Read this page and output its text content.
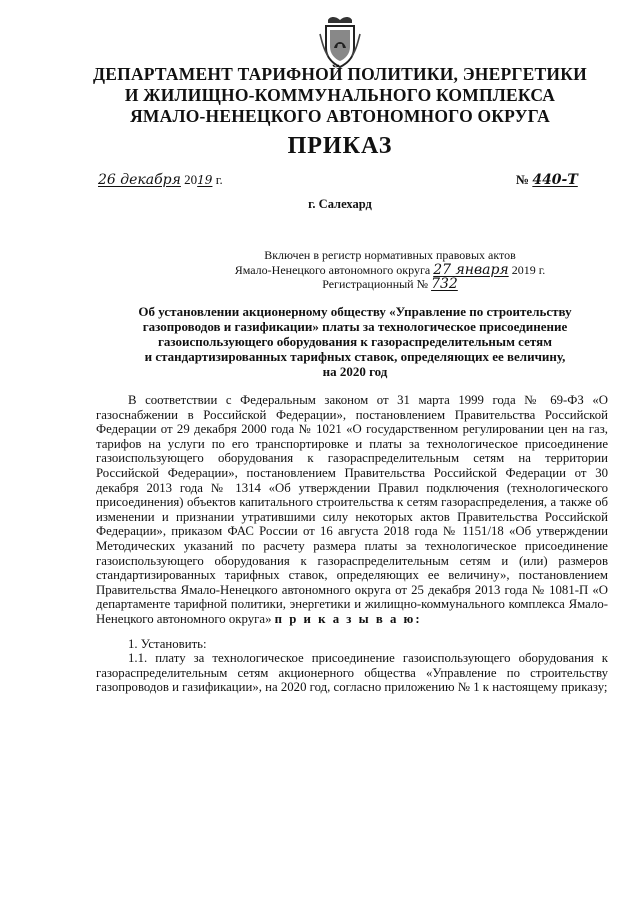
ДЕПАРТАМЕНТ ТАРИФНОЙ ПОЛИТИКИ, ЭНЕРГЕТИКИ
И ЖИЛИЩНО-КОММУНАЛЬНОГО КОМПЛЕКСА
ЯМАЛО-НЕНЕЦКОГО АВТОНОМНОГО ОКРУГА
ПРИКАЗ
26 декабря 2019 г.	№ 440-Т
г. Салехард
Включен в регистр нормативных правовых актов
Ямало-Ненецкого автономного округа 27 января 2019 г.
Регистрационный № 732
Об установлении акционерному обществу «Управление по строительству
газопроводов и газификации» платы за технологическое присоединение
газоиспользующего оборудования к газораспределительным сетям
и стандартизированных тарифных ставок, определяющих ее величину,
на 2020 год

В соответствии с Федеральным законом от 31 марта 1999 года № 69-ФЗ «О газоснабжении в Российской Федерации», постановлением Правительства Российской Федерации от 29 декабря 2000 года № 1021 «О государственном регулировании цен на газ, тарифов на услуги по его транспортировке и платы за технологическое присоединение газоиспользующего оборудования к газораспределительным сетям на территории Российской Федерации», постановлением Правительства Российской Федерации от 30 декабря 2013 года № 1314 «Об утверждении Правил подключения (технологического присоединения) объектов капитального строительства к сетям газораспределения, а также об изменении и признании утратившими силу некоторых актов Правительства Российской Федерации», приказом ФАС России от 16 августа 2018 года № 1151/18 «Об утверждении Методических указаний по расчету размера платы за технологическое присоединение газоиспользующего оборудования к газораспределительным сетям и (или) размеров стандартизированных тарифных ставок, определяющих ее величину», постановлением Правительства Ямало-Ненецкого автономного округа от 25 декабря 2013 года № 1081-П «О департаменте тарифной политики, энергетики и жилищно-коммунального комплекса Ямало-Ненецкого автономного округа» п р и к а з ы в а ю:

1. Установить:

1.1. плату за технологическое присоединение газоиспользующего оборудования к газораспределительным сетям акционерного общества «Управление по строительству газопроводов и газификации», на 2020 год, согласно приложению № 1 к настоящему приказу;
